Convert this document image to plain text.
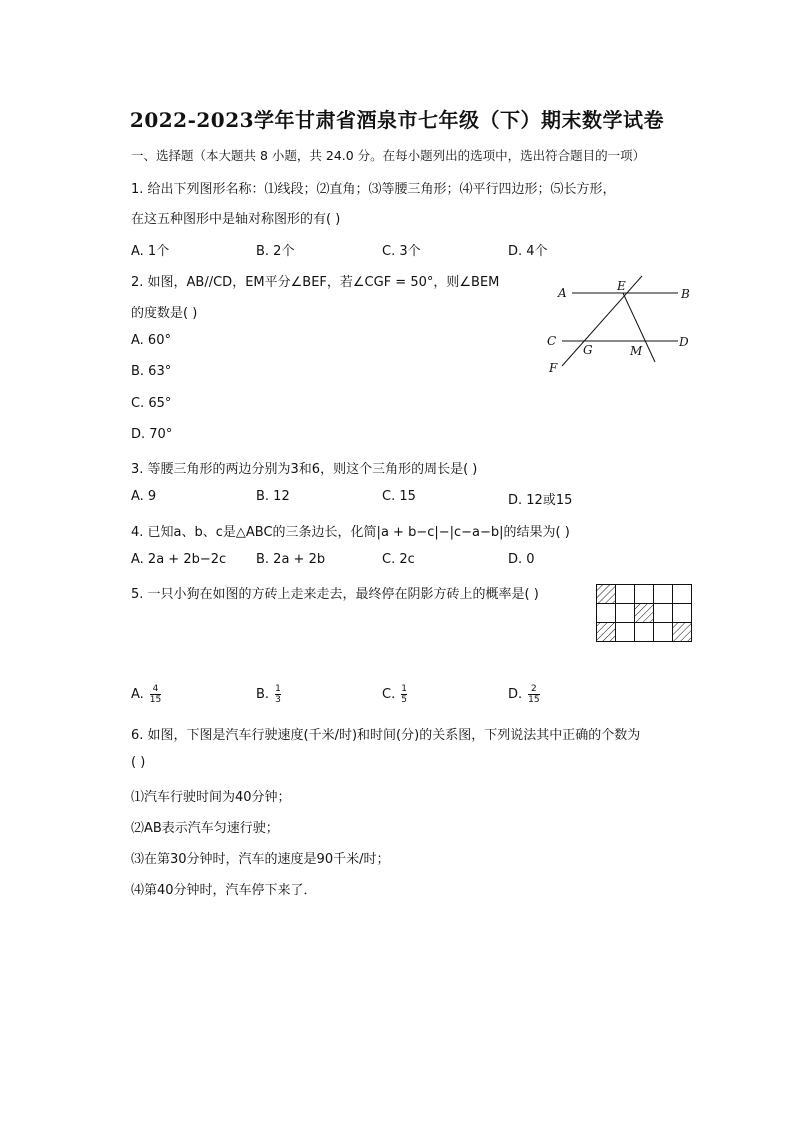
2022-2023学年甘肃省酒泉市七年级（下）期末数学试卷
一、选择题（本大题共 8 小题，共 24.0 分。在每小题列出的选项中，选出符合题目的一项）
1. 给出下列图形名称：⑴线段；⑵直角；⑶等腰三角形；⑷平行四边形；⑸长方形，
在这五种图形中是轴对称图形的有( )
A. 1个	B. 2个	C. 3个	D. 4个
2. 如图，AB//CD，EM平分∠BEF，若∠CGF = 50°，则∠BEM
的度数是( )
A. 60°
B. 63°
C. 65°
D. 70°
A	E
B
C
G	M
D
F
3. 等腰三角形的两边分别为3和6，则这个三角形的周长是( )
A. 9	B. 12	C. 15	D. 12或15
4. 已知a、b、c是△ABC的三条边长，化简|a + b−c|−|c−a−b|的结果为( )
A. 2a + 2b−2c B. 2a + 2b	C. 2c	D. 0
5. 一只小狗在如图的方砖上走来走去，最终停在阴影方砖上的概率是( )
A. $\frac{4}{15}$	B. $\frac{1}{3}$	C. $\frac{1}{5}$	D. $\frac{2}{15}$
6. 如图，下图是汽车行驶速度(千米/时)和时间(分)的关系图，下列说法其中正确的个数为
( )
⑴汽车行驶时间为40分钟；
⑵AB表示汽车匀速行驶；
⑶在第30分钟时，汽车的速度是90千米/时；
⑷第40分钟时，汽车停下来了．
